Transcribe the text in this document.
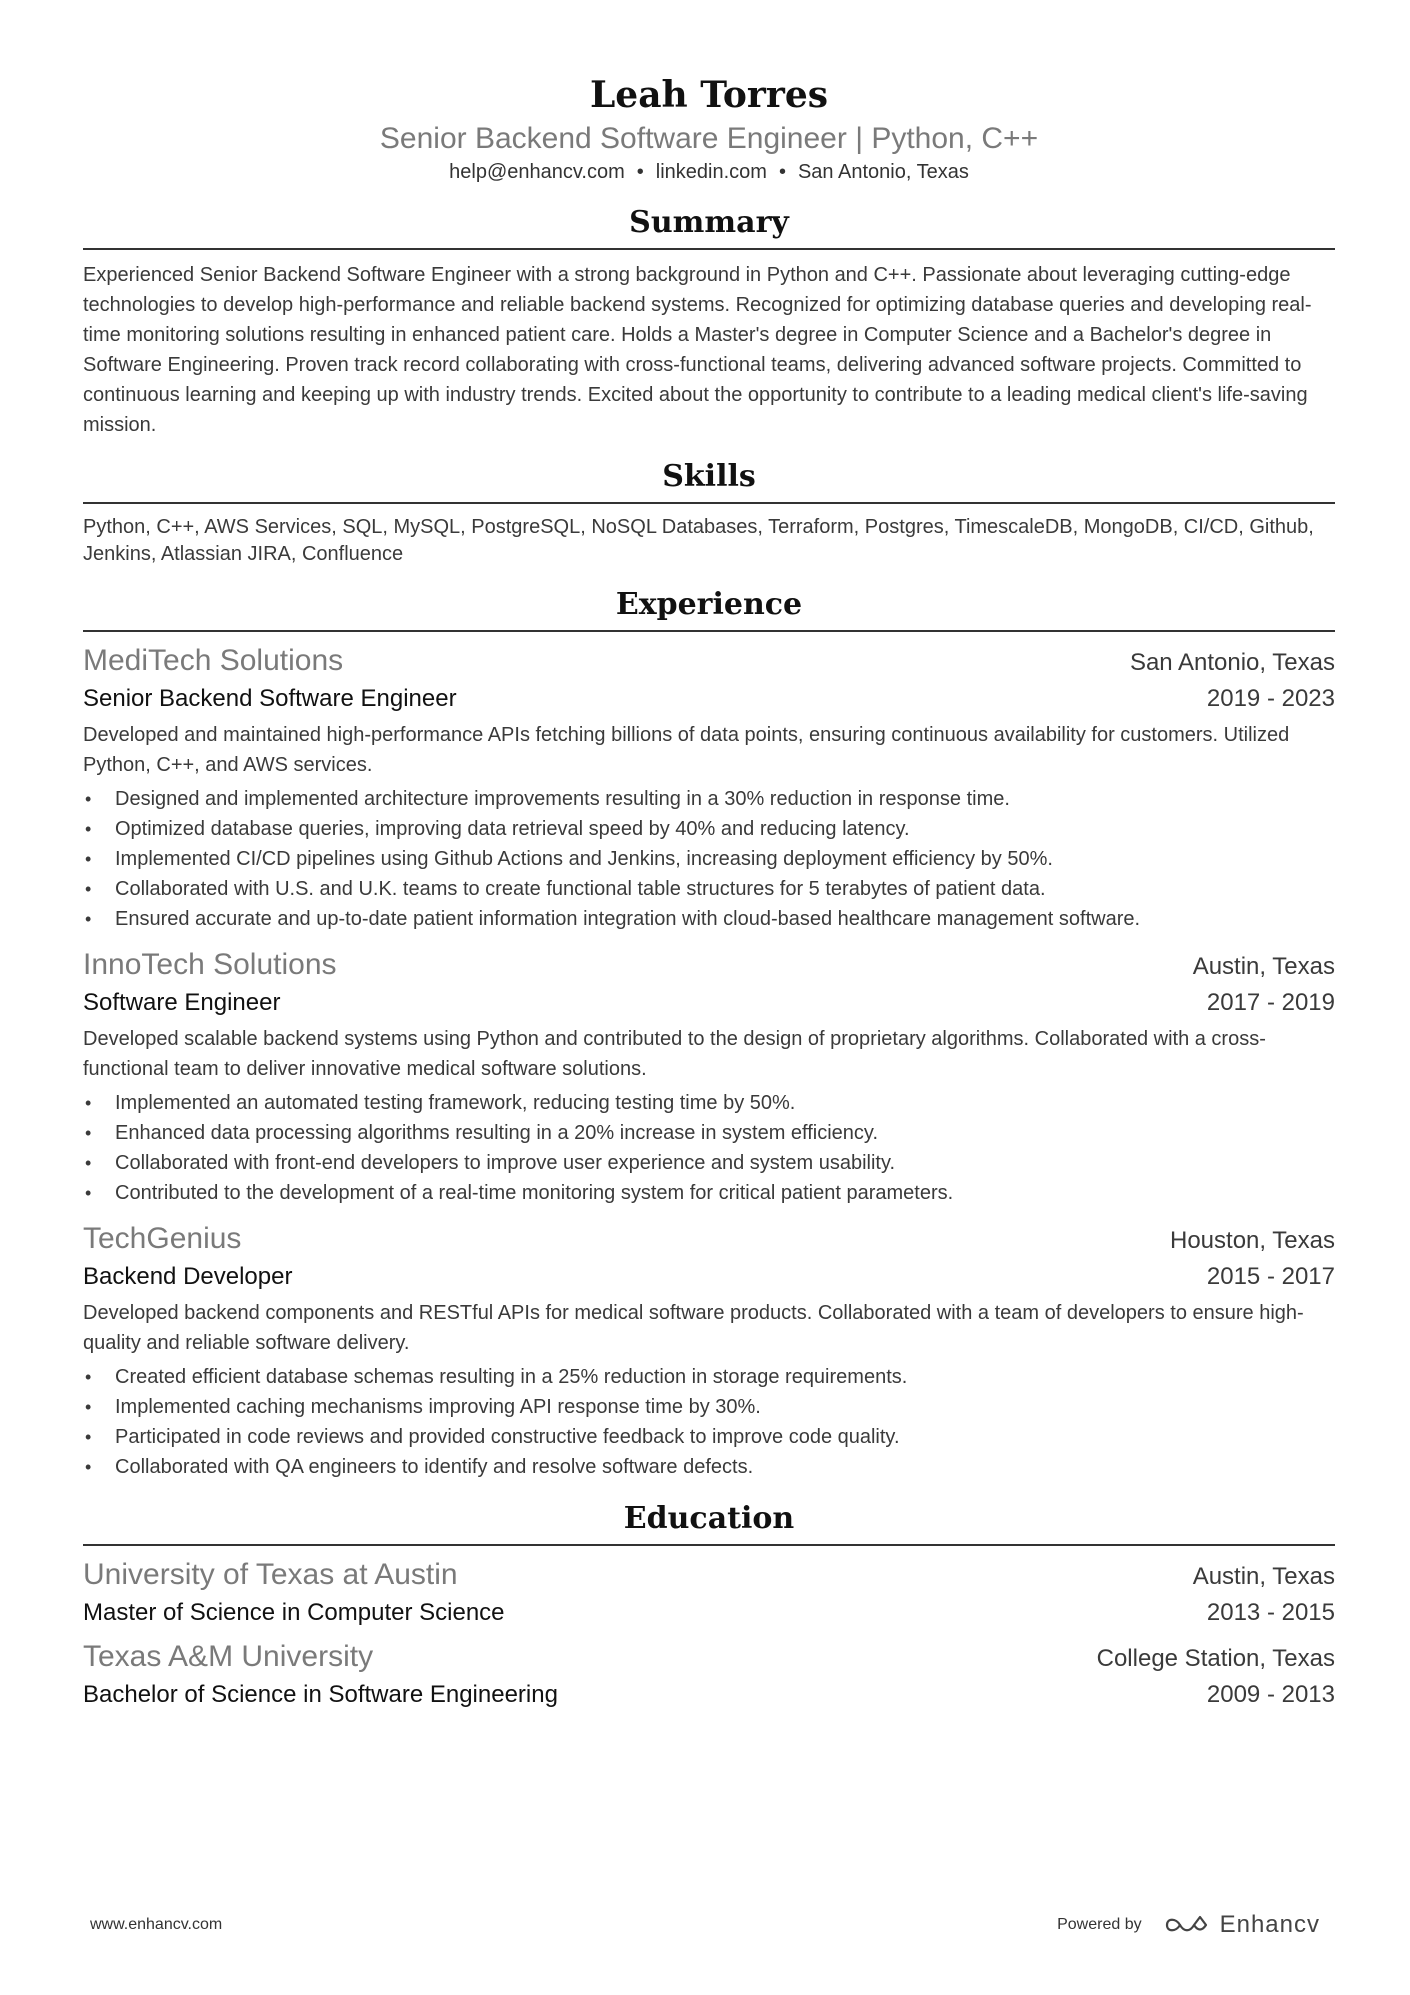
Leah Torres
Senior Backend Software Engineer | Python, C++
help@enhancv.com • linkedin.com • San Antonio, Texas
Summary

Experienced Senior Backend Software Engineer with a strong background in Python and C++. Passionate about leveraging cutting-edge technologies to develop high-performance and reliable backend systems. Recognized for optimizing database queries and developing real-time monitoring solutions resulting in enhanced patient care. Holds a Master's degree in Computer Science and a Bachelor's degree in Software Engineering. Proven track record collaborating with cross-functional teams, delivering advanced software projects. Committed to continuous learning and keeping up with industry trends. Excited about the opportunity to contribute to a leading medical client's life-saving mission.

Skills

Python, C++, AWS Services, SQL, MySQL, PostgreSQL, NoSQL Databases, Terraform, Postgres, TimescaleDB, MongoDB, CI/CD, Github, Jenkins, Atlassian JIRA, Confluence

Experience
MediTech Solutions	San Antonio, Texas
Senior Backend Software Engineer	2019 - 2023

Developed and maintained high-performance APIs fetching billions of data points, ensuring continuous availability for customers. Utilized Python, C++, and AWS services.

• Designed and implemented architecture improvements resulting in a 30% reduction in response time.
• Optimized database queries, improving data retrieval speed by 40% and reducing latency.
• Implemented CI/CD pipelines using Github Actions and Jenkins, increasing deployment efficiency by 50%.
• Collaborated with U.S. and U.K. teams to create functional table structures for 5 terabytes of patient data.
• Ensured accurate and up-to-date patient information integration with cloud-based healthcare management software.
InnoTech Solutions	Austin, Texas
Software Engineer	2017 - 2019

Developed scalable backend systems using Python and contributed to the design of proprietary algorithms. Collaborated with a cross-functional team to deliver innovative medical software solutions.

• Implemented an automated testing framework, reducing testing time by 50%.
• Enhanced data processing algorithms resulting in a 20% increase in system efficiency.
• Collaborated with front-end developers to improve user experience and system usability.
• Contributed to the development of a real-time monitoring system for critical patient parameters.
TechGenius	Houston, Texas
Backend Developer	2015 - 2017

Developed backend components and RESTful APIs for medical software products. Collaborated with a team of developers to ensure high-quality and reliable software delivery.

• Created efficient database schemas resulting in a 25% reduction in storage requirements.
• Implemented caching mechanisms improving API response time by 30%.
• Participated in code reviews and provided constructive feedback to improve code quality.
• Collaborated with QA engineers to identify and resolve software defects.
Education
University of Texas at Austin	Austin, Texas
Master of Science in Computer Science	2013 - 2015
Texas A&M University	College Station, Texas
Bachelor of Science in Software Engineering	2009 - 2013
www.enhancv.com	Powered by	Enhancv
